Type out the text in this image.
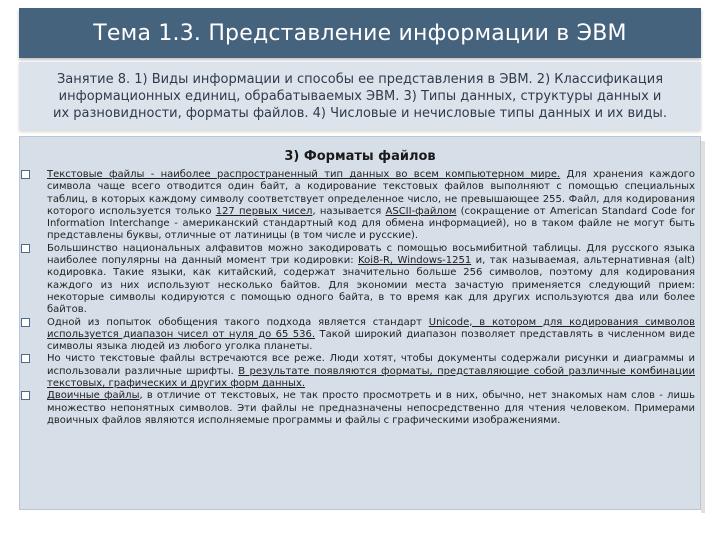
Тема 1.3. Представление информации в ЭВМ
Занятие 8. 1) Виды информации и способы ее представления в ЭВМ. 2) Классификация информационных единиц, обрабатываемых ЭВМ. 3) Типы данных, структуры данных и их разновидности, форматы файлов. 4) Числовые и нечисловые типы данных и их виды.
3) Форматы файлов
Текстовые файлы - наиболее распространенный тип данных во всем компьютерном мире. Для хранения каждого символа чаще всего отводится один байт, а кодирование текстовых файлов выполняют с помощью специальных таблиц, в которых каждому символу соответствует определенное число, не превышающее 255. Файл, для кодирования которого используется только 127 первых чисел, называется ASCII-файлом (сокращение от American Standard Code for Information Interchange - американский стандартный код для обмена информацией), но в таком файле не могут быть представлены буквы, отличные от латиницы (в том числе и русские).
Большинство национальных алфавитов можно закодировать с помощью восьмибитной таблицы. Для русского языка наиболее популярны на данный момент три кодировки: Koi8-R, Windows-1251 и, так называемая, альтернативная (alt) кодировка. Такие языки, как китайский, содержат значительно больше 256 символов, поэтому для кодирования каждого из них используют несколько байтов. Для экономии места зачастую применяется следующий прием: некоторые символы кодируются с помощью одного байта, в то время как для других используются два или более байтов.
Одной из попыток обобщения такого подхода является стандарт Unicode, в котором для кодирования символов используется диапазон чисел от нуля до 65 536. Такой широкий диапазон позволяет представлять в численном виде символы языка людей из любого уголка планеты.
Но чисто текстовые файлы встречаются все реже. Люди хотят, чтобы документы содержали рисунки и диаграммы и использовали различные шрифты. В результате появляются форматы, представляющие собой различные комбинации текстовых, графических и других форм данных.
Двоичные файлы, в отличие от текстовых, не так просто просмотреть и в них, обычно, нет знакомых нам слов - лишь множество непонятных символов. Эти файлы не предназначены непосредственно для чтения человеком. Примерами двоичных файлов являются исполняемые программы и файлы с графическими изображениями.
